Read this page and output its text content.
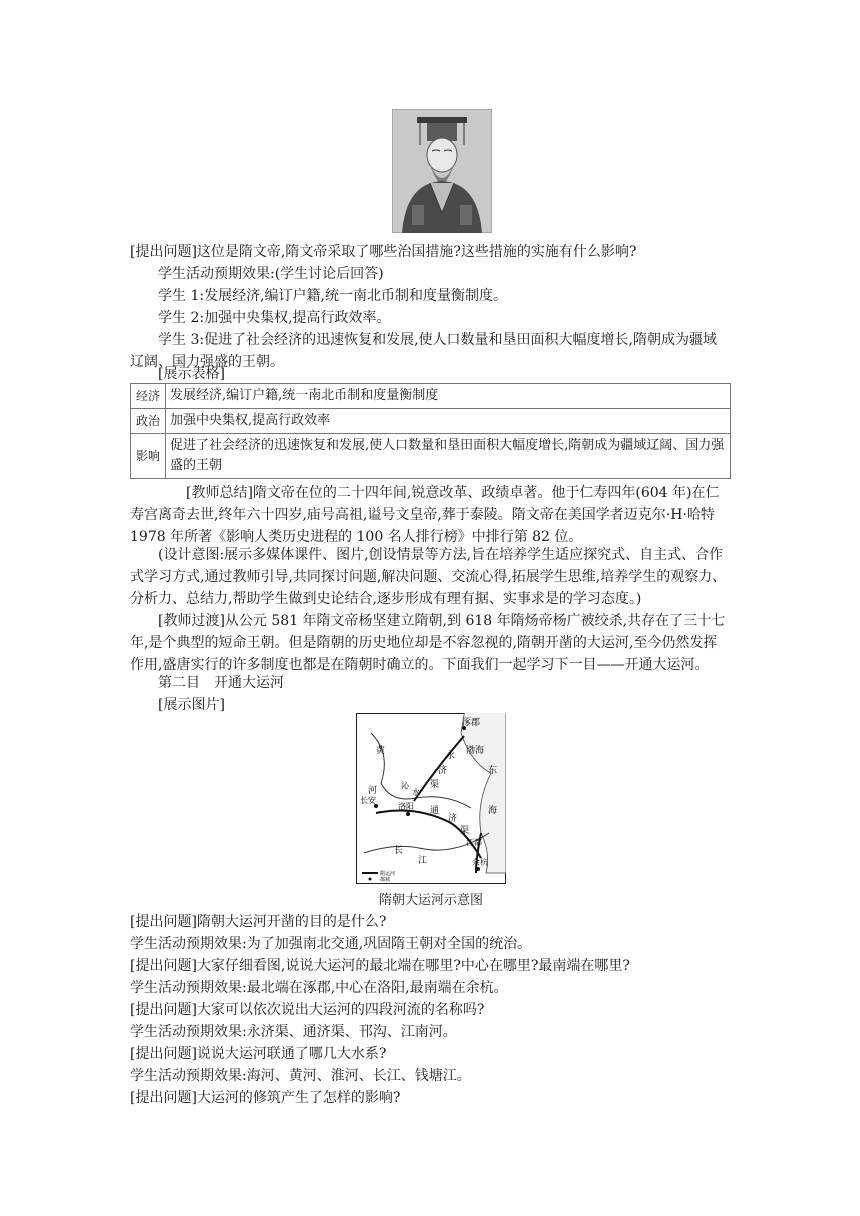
[提出问题]这位是隋文帝,隋文帝采取了哪些治国措施?这些措施的实施有什么影响?

学生活动预期效果:(学生讨论后回答)

学生 1:发展经济,编订户籍,统一南北币制和度量衡制度。

学生 2:加强中央集权,提高行政效率。

学生 3:促进了社会经济的迅速恢复和发展,使人口数量和垦田面积大幅度增长,隋朝成为疆域辽阔、国力强盛的王朝。

[展示表格]

经济	发展经济,编订户籍,统一南北币制和度量衡制度
政治	加强中央集权,提高行政效率
影响	促进了社会经济的迅速恢复和发展,使人口数量和垦田面积大幅度增长,隋朝成为疆域辽阔、国力强盛的王朝

[教师总结]隋文帝在位的二十四年间,锐意改革、政绩卓著。他于仁寿四年(604 年)在仁寿宫离奇去世,终年六十四岁,庙号高祖,谥号文皇帝,葬于泰陵。隋文帝在美国学者迈克尔·H·哈特 1978 年所著《影响人类历史进程的 100 名人排行榜》中排行第 82 位。

(设计意图:展示多媒体课件、图片,创设情景等方法,旨在培养学生适应探究式、自主式、合作式学习方式,通过教师引导,共同探讨问题,解决问题、交流心得,拓展学生思维,培养学生的观察力、分析力、总结力,帮助学生做到史论结合,逐步形成有理有据、实事求是的学习态度。)

[教师过渡]从公元 581 年隋文帝杨坚建立隋朝,到 618 年隋炀帝杨广被绞杀,共存在了三十七年,是个典型的短命王朝。但是隋朝的历史地位却是不容忽视的,隋朝开凿的大运河,至今仍然发挥作用,盛唐实行的许多制度也都是在隋朝时确立的。下面我们一起学习下一目——开通大运河。

第二目　开通大运河

[展示图片]

涿郡
黄
河
渤海
东
海
永
济
渠
沁
水
长安
洛阳 通
济
渠
江都
长
江	余杭
隋运河
都城
隋朝大运河示意图

[提出问题]隋朝大运河开凿的目的是什么?

学生活动预期效果:为了加强南北交通,巩固隋王朝对全国的统治。

[提出问题]大家仔细看图,说说大运河的最北端在哪里?中心在哪里?最南端在哪里?

学生活动预期效果:最北端在涿郡,中心在洛阳,最南端在余杭。

[提出问题]大家可以依次说出大运河的四段河流的名称吗?

学生活动预期效果:永济渠、通济渠、邗沟、江南河。

[提出问题]说说大运河联通了哪几大水系?

学生活动预期效果:海河、黄河、淮河、长江、钱塘江。

[提出问题]大运河的修筑产生了怎样的影响?
